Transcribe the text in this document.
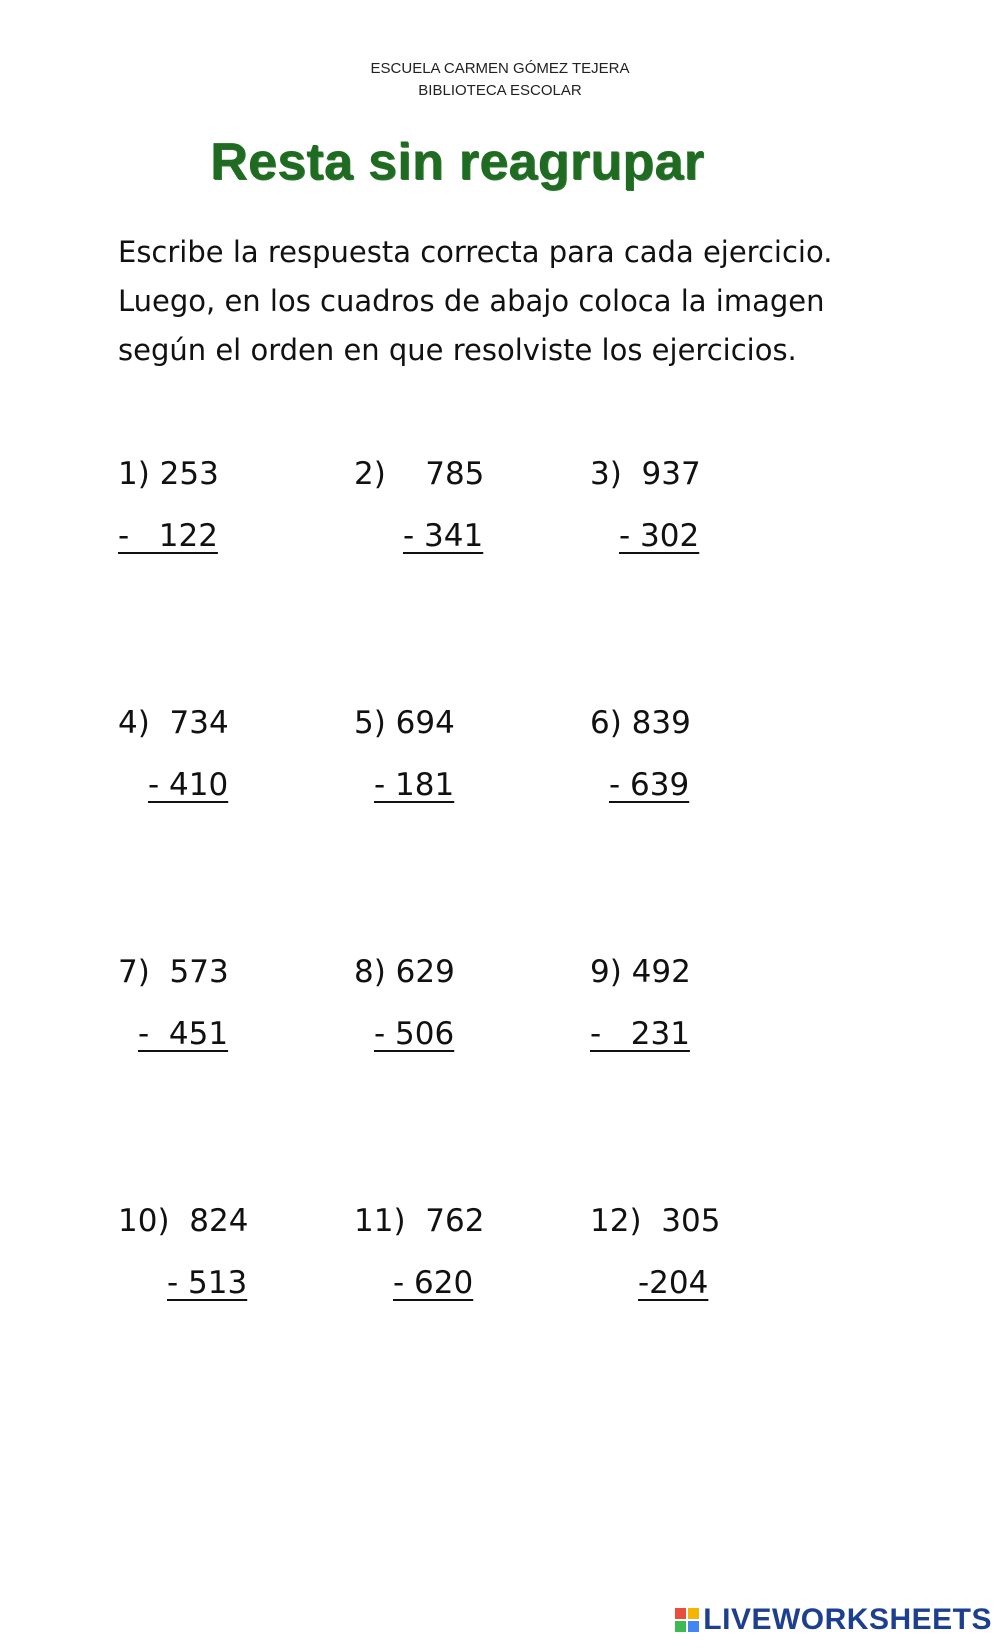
ESCUELA CARMEN GÓMEZ TEJERA
BIBLIOTECA ESCOLAR
Resta sin reagrupar
Escribe la respuesta correcta para cada ejercicio.
Luego, en los cuadros de abajo coloca la imagen
según el orden en que resolviste los ejercicios.

1) 253

-   122

2)    785

- 341

3)  937

- 302

4)  734

- 410

5) 694

- 181

6) 839

- 639

7)  573

-  451

8) 629

- 506

9) 492

-   231

10)  824

- 513

11)  762

- 620

12)  305

-204

LIVEWORKSHEETS
